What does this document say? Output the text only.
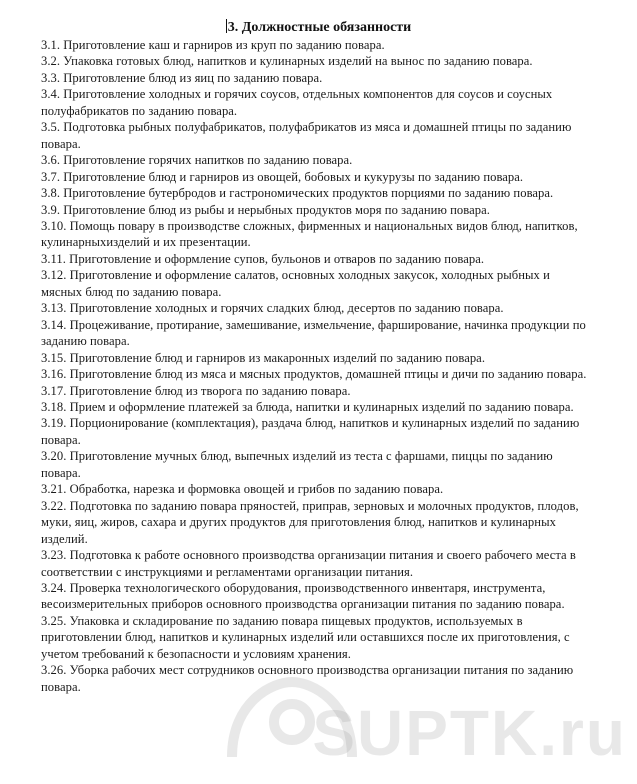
3. Должностные обязанности
3.1. Приготовление каш и гарниров из круп по заданию повара.
3.2. Упаковка готовых блюд, напитков и кулинарных изделий на вынос по заданию повара.
3.3. Приготовление блюд из яиц по заданию повара.
3.4. Приготовление холодных и горячих соусов, отдельных компонентов для соусов и соусных полуфабрикатов по заданию повара.
3.5. Подготовка рыбных полуфабрикатов, полуфабрикатов из мяса и домашней птицы по заданию повара.
3.6. Приготовление горячих напитков по заданию повара.
3.7. Приготовление блюд и гарниров из овощей, бобовых и кукурузы по заданию повара.
3.8. Приготовление бутербродов и гастрономических продуктов порциями по заданию повара.
3.9. Приготовление блюд из рыбы и нерыбных продуктов моря по заданию повара.
3.10. Помощь повару в производстве сложных, фирменных и национальных видов блюд, напитков, кулинарныхизделий и их презентации.
3.11. Приготовление и оформление супов, бульонов и отваров по заданию повара.
3.12. Приготовление и оформление салатов, основных холодных закусок, холодных рыбных и мясных блюд по заданию повара.
3.13. Приготовление холодных и горячих сладких блюд, десертов по заданию повара.
3.14. Процеживание, протирание, замешивание, измельчение, фарширование, начинка продукции по заданию повара.
3.15. Приготовление блюд и гарниров из макаронных изделий по заданию повара.
3.16. Приготовление блюд из мяса и мясных продуктов, домашней птицы и дичи по заданию повара.
3.17. Приготовление блюд из творога по заданию повара.
3.18. Прием и оформление платежей за блюда, напитки и кулинарных изделий по заданию повара.
3.19. Порционирование (комплектация), раздача блюд, напитков и кулинарных изделий по заданию повара.
3.20. Приготовление мучных блюд, выпечных изделий из теста с фаршами, пиццы по заданию повара.
3.21. Обработка, нарезка и формовка овощей и грибов по заданию повара.
3.22. Подготовка по заданию повара пряностей, приправ, зерновых и молочных продуктов, плодов, муки, яиц, жиров, сахара и других продуктов для приготовления блюд, напитков и кулинарных изделий.
3.23. Подготовка к работе основного производства организации питания и своего рабочего места в соответствии с инструкциями и регламентами организации питания.
3.24. Проверка технологического оборудования, производственного инвентаря, инструмента, весоизмерительных приборов основного производства организации питания по заданию повара.
3.25. Упаковка и складирование по заданию повара пищевых продуктов, используемых в приготовлении блюд, напитков и кулинарных изделий или оставшихся после их приготовления, с учетом требований к безопасности и условиям хранения.
3.26. Уборка рабочих мест сотрудников основного производства организации питания по заданию повара.
SUPTK.ru
